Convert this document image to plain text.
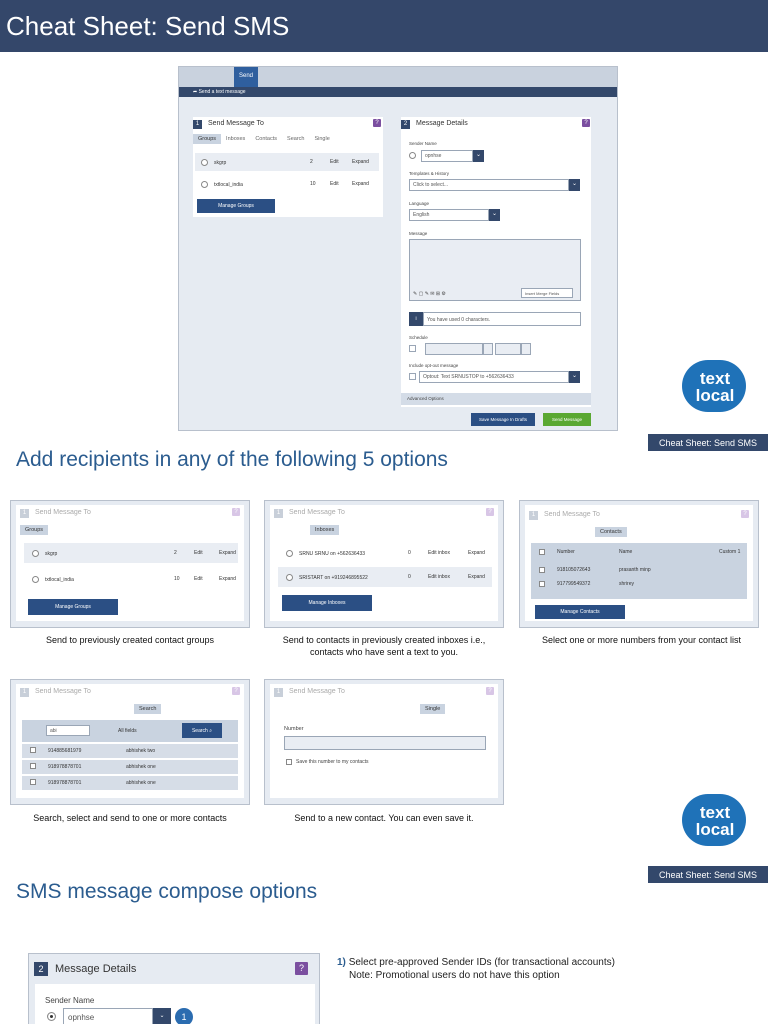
Cheat Sheet: Send SMS
Send
➦ Send a text message
1 Send Message To	?
Groups Inboxes Contacts Search Single
skgrp	2	Edit	Expand
txtlocal_india	10	Edit	Expand
Manage Groups
2 Message Details	?
Sender Name
opnhse	⌄
Templates & History
Click to select...	⌄
Language
English	⌄
Message
✎ ▢ ✎ ✉ ⊞ ⚙	Insert Merge Fields
i	You have used 0 characters.
Schedule
Include opt-out message
Optout: Text SRNUSTOP to +562636433	⌄
Advanced Options
Save Message In Drafts	Send Message
text
local
Cheat Sheet: Send SMS
Add recipients in any of the following 5 options
1 Send Message To	?
Groups
skgrp	2	Edit	Expand
txtlocal_india	10	Edit	Expand
Manage Groups
Send to previously created contact groups
1 Send Message To	?
Inboxes
SRNU SRNU on +562636433	0	Edit inbox	Expand
SRISTART on +919246895522	0	Edit inbox	Expand
Manage Inboxes
Send to contacts in previously created inboxes i.e.,
contacts who have sent a text to you.
1 Send Message To	?
Contacts
Number	Name	Custom 1
918105072643	prasanth minp
917799549372	shrirey
Manage Contacts
Select one or more numbers from your contact list
1 Send Message To	?
Search
abi	All fields	Search ⌕
914885681979	abhishek two
918978878701	abhishek one
918978878701	abhishek one
Search, select and send to one or more contacts
1 Send Message To	?
Single
Number
Save this number to my contacts
Send to a new contact. You can even save it.	text
local
Cheat Sheet: Send SMS
SMS message compose options
2	Message Details	?
Sender Name
opnhse	⌄	1
1) Select pre-approved Sender IDs (for transactional accounts)
Note: Promotional users do not have this option
